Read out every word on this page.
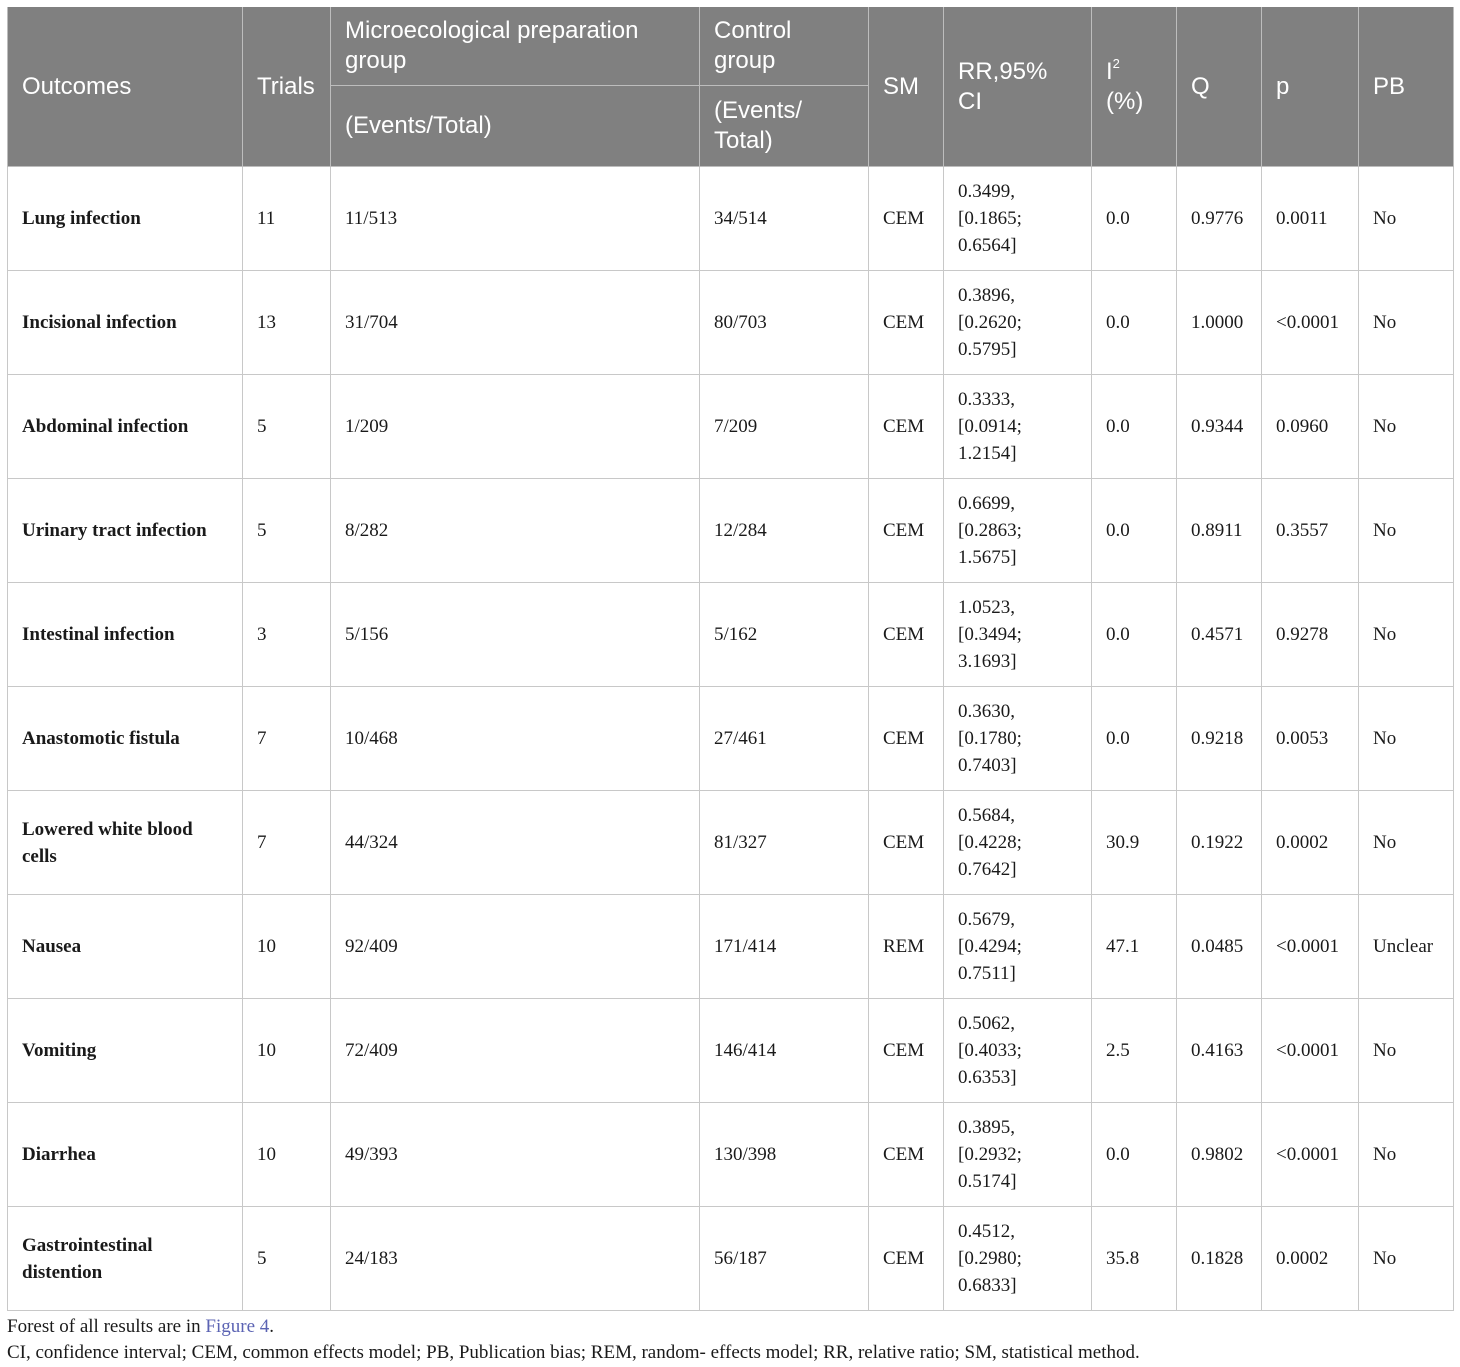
Outcomes	Trials	Microecological preparation group	Control group	SM	RR,95% CI	$I^2$
(%)	Q	p	PB
		(Events/Total)	(Events/ Total)						
Lung infection	11	11/513	34/514	CEM	0.3499,
[0.1865;
0.6564]	0.0	0.9776	0.0011	No
Incisional infection	13	31/704	80/703	CEM	0.3896,
[0.2620;
0.5795]	0.0	1.0000	<0.0001	No
Abdominal infection	5	1/209	7/209	CEM	0.3333,
[0.0914;
1.2154]	0.0	0.9344	0.0960	No
Urinary tract infection	5	8/282	12/284	CEM	0.6699,
[0.2863;
1.5675]	0.0	0.8911	0.3557	No
Intestinal infection	3	5/156	5/162	CEM	1.0523,
[0.3494;
3.1693]	0.0	0.4571	0.9278	No
Anastomotic fistula	7	10/468	27/461	CEM	0.3630,
[0.1780;
0.7403]	0.0	0.9218	0.0053	No
Lowered white blood cells	7	44/324	81/327	CEM	0.5684,
[0.4228;
0.7642]	30.9	0.1922	0.0002	No
Nausea	10	92/409	171/414	REM	0.5679,
[0.4294;
0.7511]	47.1	0.0485	<0.0001	Unclear
Vomiting	10	72/409	146/414	CEM	0.5062,
[0.4033;
0.6353]	2.5	0.4163	<0.0001	No
Diarrhea	10	49/393	130/398	CEM	0.3895,
[0.2932;
0.5174]	0.0	0.9802	<0.0001	No
Gastrointestinal distention	5	24/183	56/187	CEM	0.4512,
[0.2980;
0.6833]	35.8	0.1828	0.0002	No
Forest of all results are in Figure 4.
CI, confidence interval; CEM, common effects model; PB, Publication bias; REM, random- effects model; RR, relative ratio; SM, statistical method.
